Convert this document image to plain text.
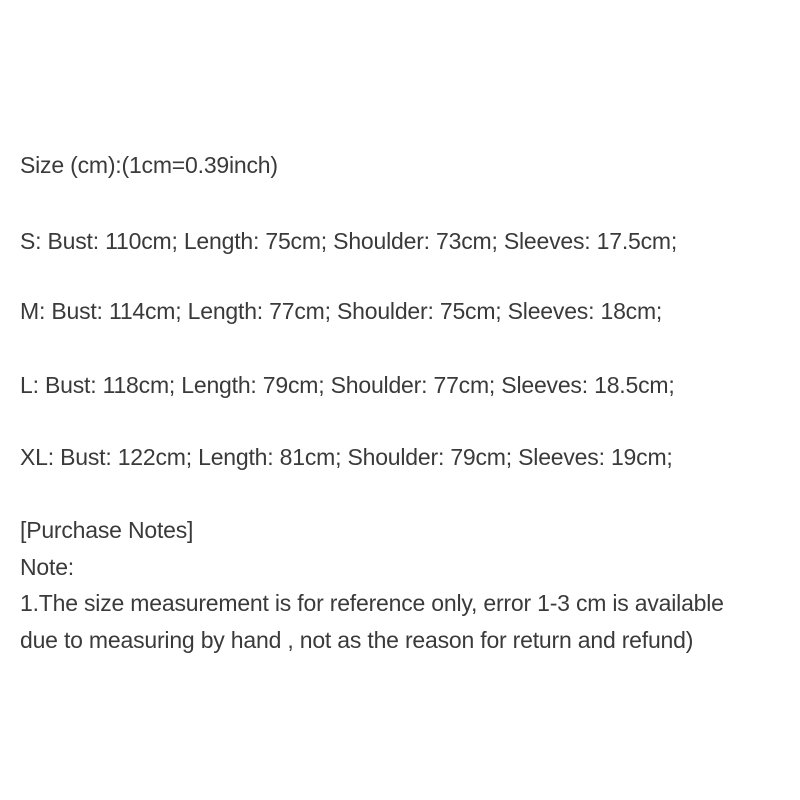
Size (cm):(1cm=0.39inch)
S: Bust: 110cm; Length: 75cm; Shoulder: 73cm; Sleeves: 17.5cm;
M: Bust: 114cm; Length: 77cm; Shoulder: 75cm; Sleeves: 18cm;
L: Bust: 118cm; Length: 79cm; Shoulder: 77cm; Sleeves: 18.5cm;
XL: Bust: 122cm; Length: 81cm; Shoulder: 79cm; Sleeves: 19cm;
[Purchase Notes]
Note:
1.The size measurement is for reference only, error 1-3 cm is available
due to measuring by hand , not as the reason for return and refund)
